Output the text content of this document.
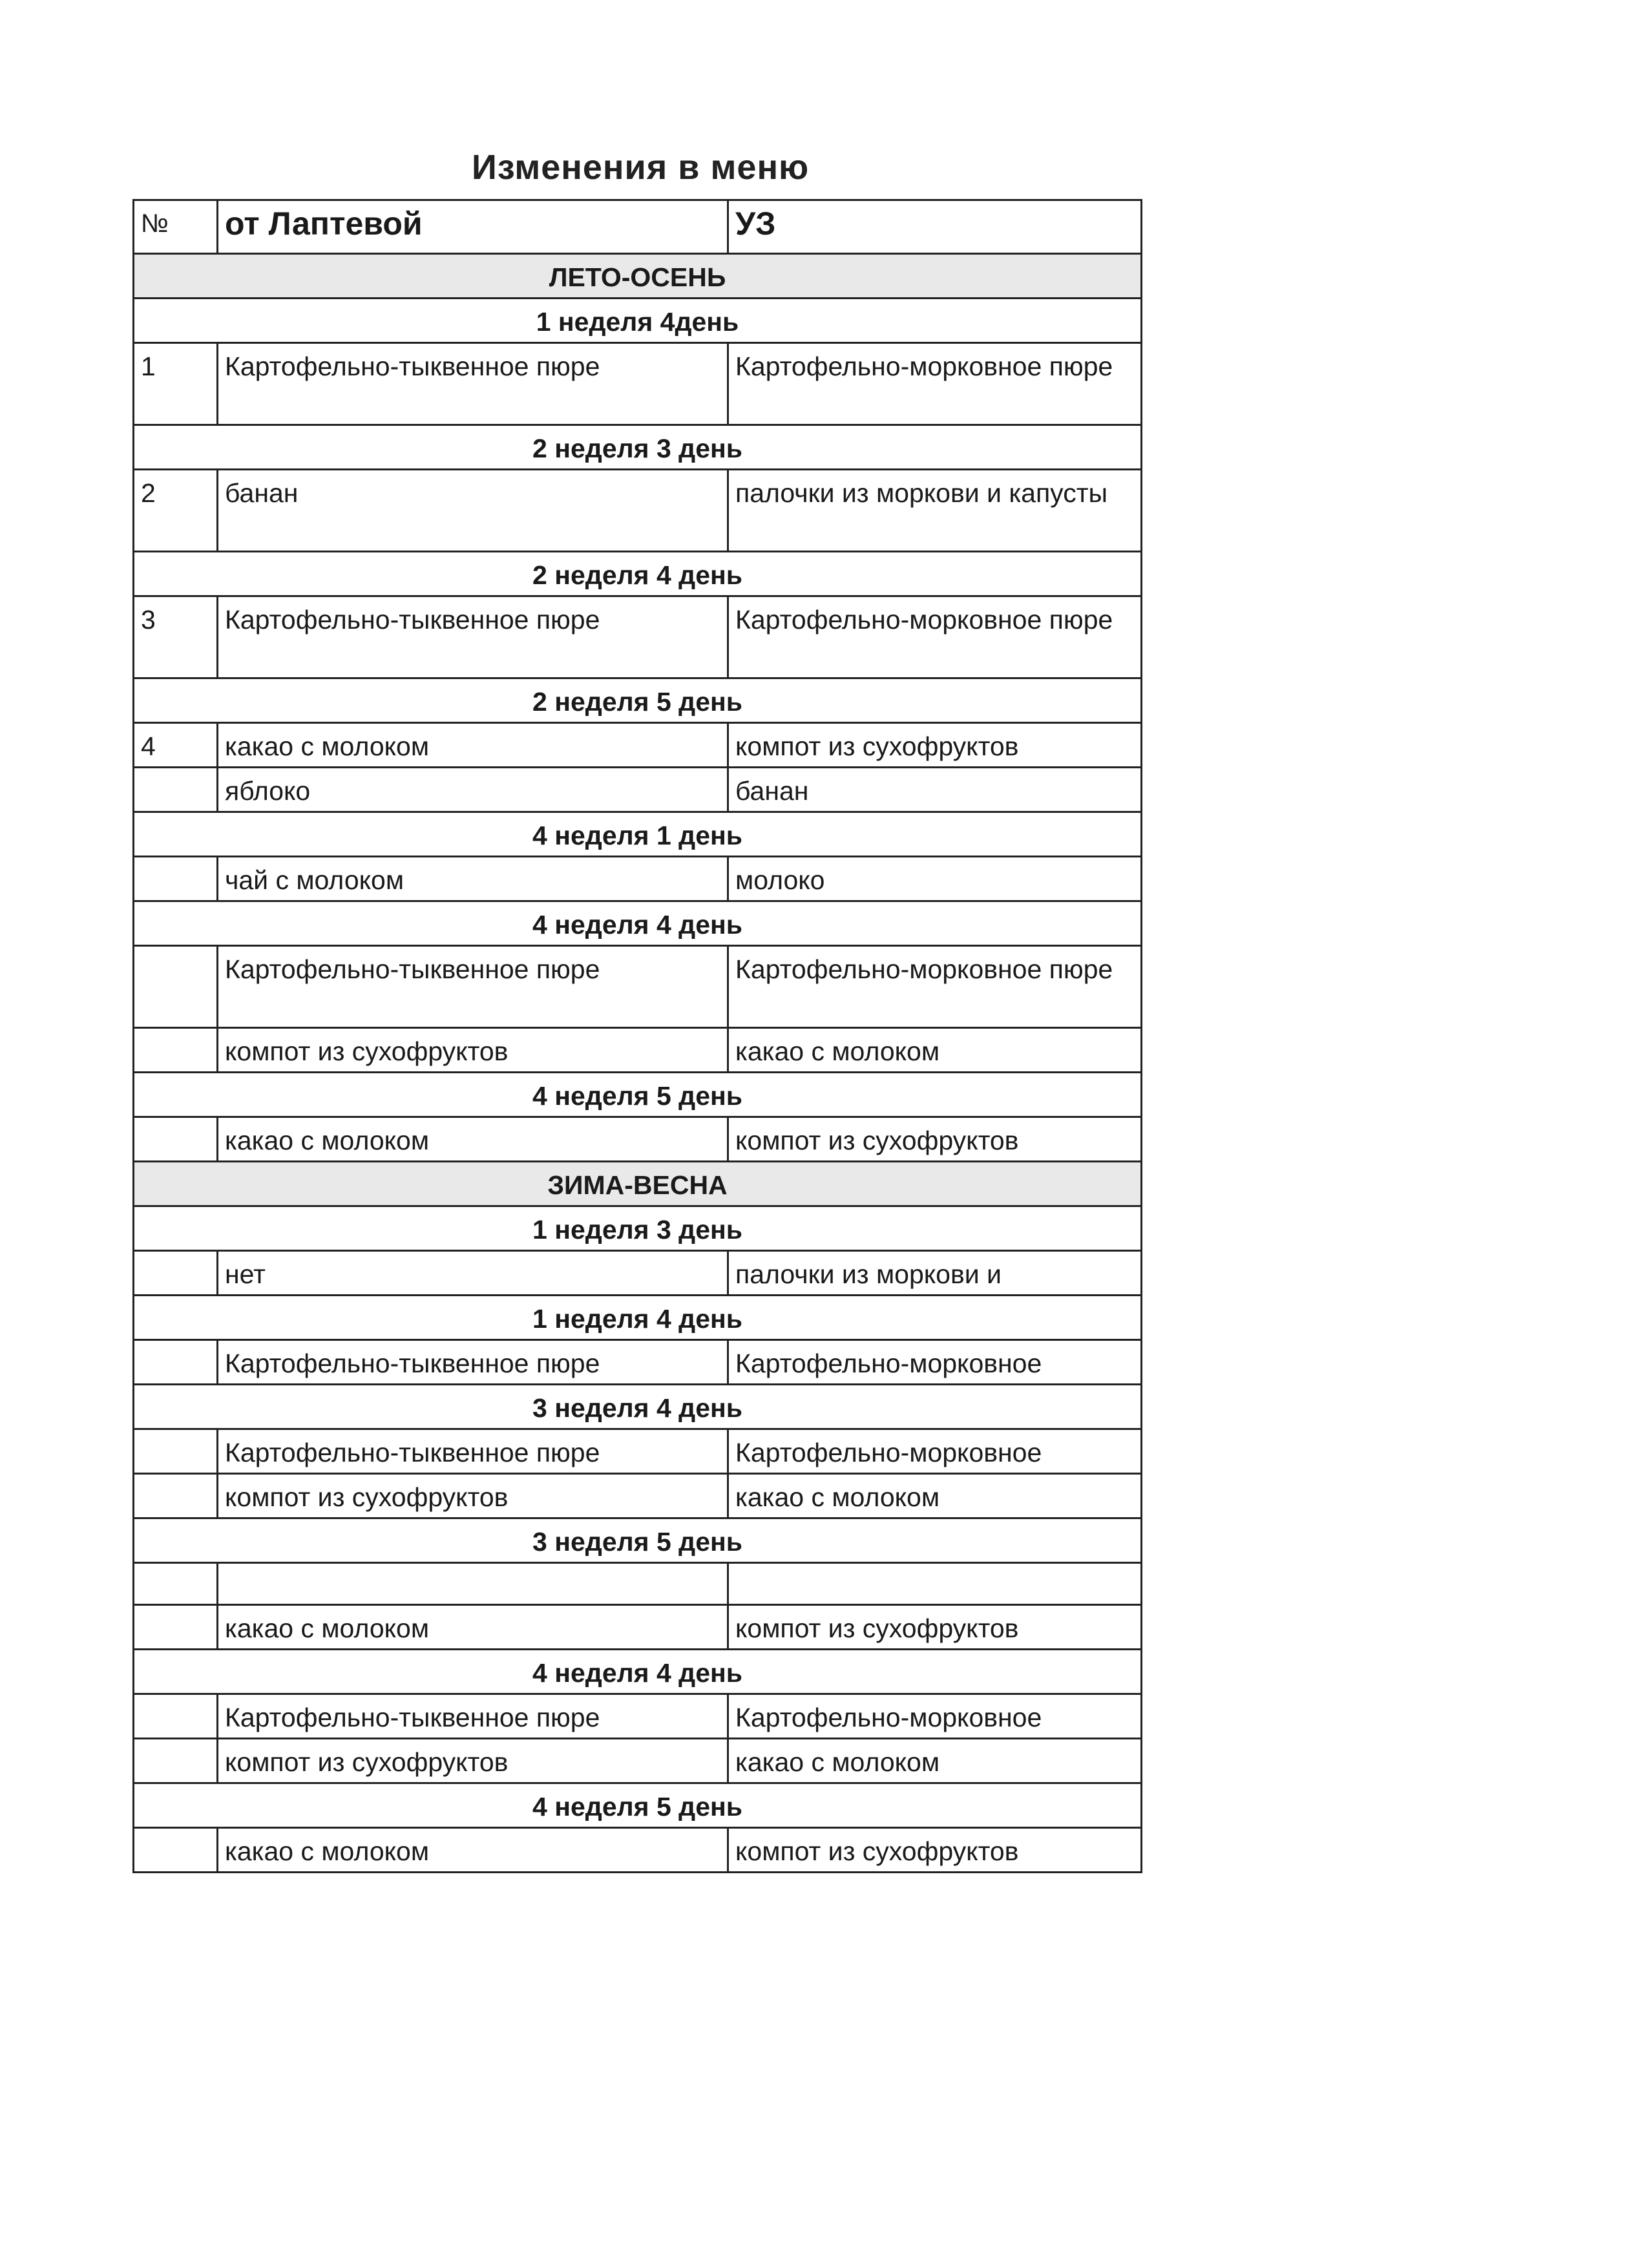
Изменения в меню
№	от Лаптевой	УЗ
ЛЕТО-ОСЕНЬ		
1 неделя 4день		
1	Картофельно-тыквенное пюре	Картофельно-морковное пюре
2 неделя 3 день		
2	банан	палочки из моркови и капусты
2 неделя 4 день		
3	Картофельно-тыквенное пюре	Картофельно-морковное пюре
2 неделя 5 день		
4	какао с молоком	компот из сухофруктов
	яблоко	банан
4 неделя 1 день		
	чай с молоком	молоко
4 неделя 4 день		
	Картофельно-тыквенное пюре	Картофельно-морковное пюре
	компот из сухофруктов	какао с молоком
4 неделя 5 день		
	какао с молоком	компот из сухофруктов
ЗИМА-ВЕСНА		
1 неделя 3 день		
	нет	палочки из моркови и
1 неделя 4 день		
	Картофельно-тыквенное пюре	Картофельно-морковное
3 неделя 4 день		
	Картофельно-тыквенное пюре	Картофельно-морковное
	компот из сухофруктов	какао с молоком
3 неделя 5 день		

	какао с молоком	компот из сухофруктов
4 неделя 4 день		
	Картофельно-тыквенное пюре	Картофельно-морковное
	компот из сухофруктов	какао с молоком
4 неделя 5 день		
	какао с молоком	компот из сухофруктов
